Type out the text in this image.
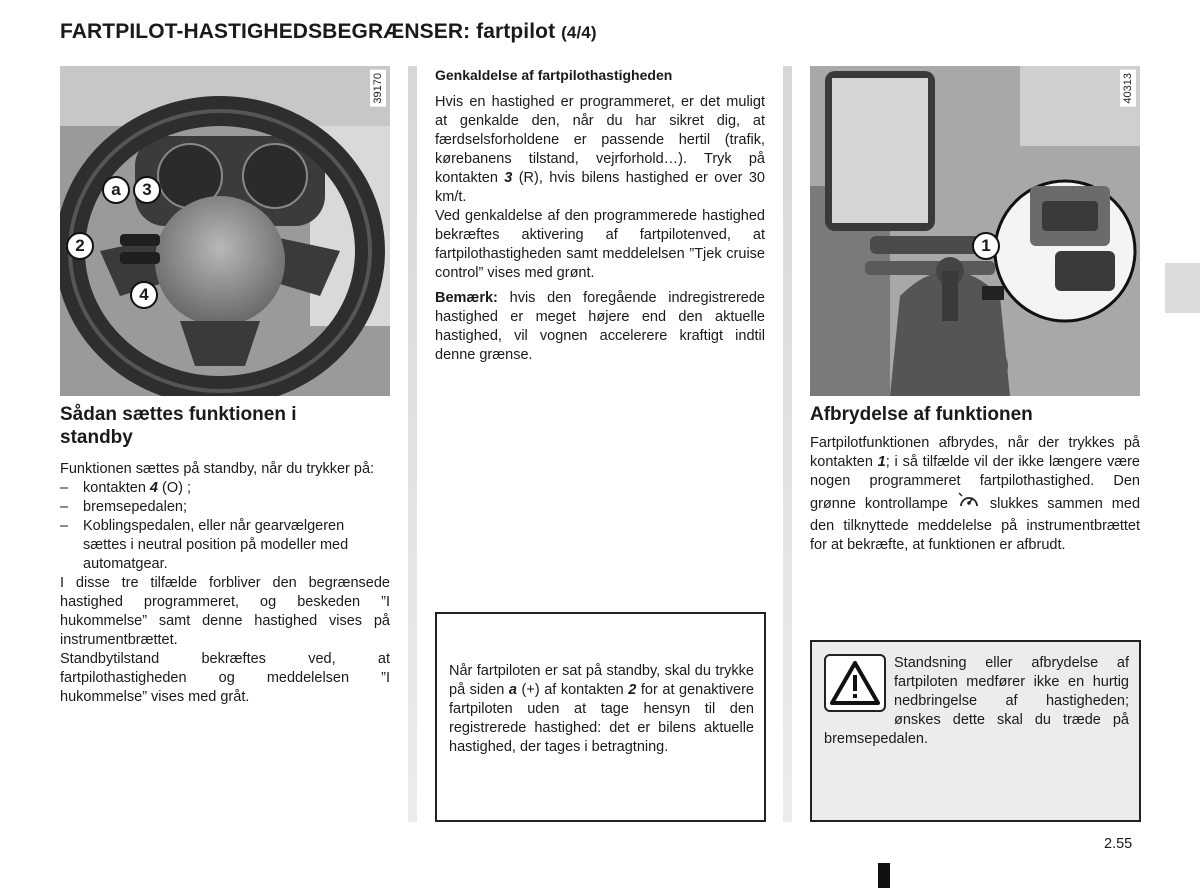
FARTPILOT-HASTIGHEDSBEGRÆNSER: fartpilot (4/4)
39170
a	3
2
4
Sådan sættes funktionen i standby

Funktionen sættes på standby, når du trykker på:

–	kontakten 4 (O) ;
–	bremsepedalen;
–	Koblingspedalen, eller når gearvælgeren sættes i neutral position på modeller med automatgear.

I disse tre tilfælde forbliver den begrænsede hastighed programmeret, og beskeden ”I hukommelse” samt denne hastighed vises på instrumentbrættet.

Standbytilstand bekræftes ved, at fartpilothastigheden og meddelelsen ”I hukommelse” vises med gråt.

Genkaldelse af fartpilothastigheden

Hvis en hastighed er programmeret, er det muligt at genkalde den, når du har sikret dig, at færdselsforholdene er passende hertil (trafik, kørebanens tilstand, vejrforhold…). Tryk på kontakten 3 (R), hvis bilens hastighed er over 30 km/t.

Ved genkaldelse af den programmerede hastighed bekræftes aktivering af fartpilotenved, at fartpilothastigheden samt meddelelsen ”Tjek cruise control” vises med grønt.

Bemærk: hvis den foregående indregistrerede hastighed er meget højere end den aktuelle hastighed, vil vognen accelerere kraftigt indtil denne grænse.

Når fartpiloten er sat på standby, skal du trykke på siden a (+) af kontakten 2 for at genaktivere fartpiloten uden at tage hensyn til den registrerede hastighed: det er bilens aktuelle hastighed, der tages i betragtning.
40313
1
Afbrydelse af funktionen
Fartpilotfunktionen afbrydes, når der trykkes på kontakten 1; i så tilfælde vil der ikke længere være nogen programmeret fartpilothastighed. Den grønne kontrollampe  slukkes sammen med den tilknyttede meddelelse på instrumentbrættet for at bekræfte, at funktionen er afbrudt.
Standsning eller afbrydelse af fartpiloten medfører ikke en hurtig nedbringelse af hastigheden; ønskes dette skal du træde på bremsepedalen.
2.55
